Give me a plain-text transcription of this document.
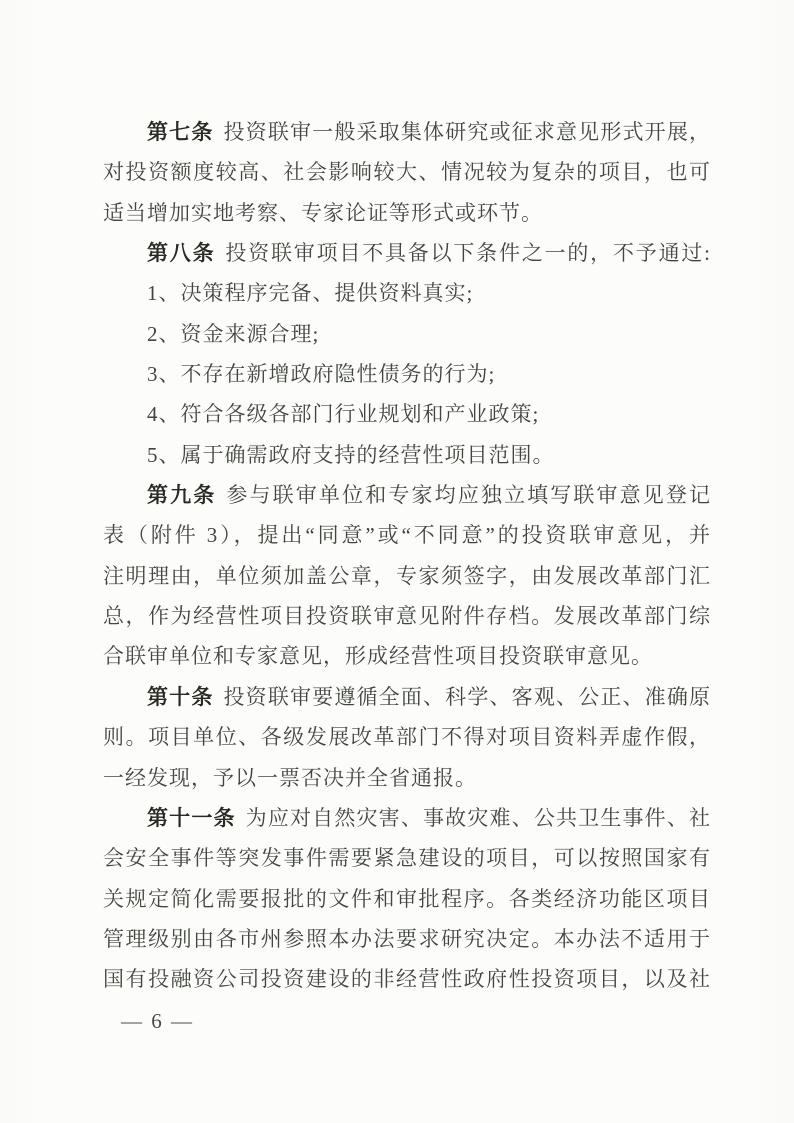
第七条 投资联审一般采取集体研究或征求意见形式开展，
对投资额度较高、社会影响较大、情况较为复杂的项目，也可
适当增加实地考察、专家论证等形式或环节。
第八条 投资联审项目不具备以下条件之一的，不予通过:
1、决策程序完备、提供资料真实;
2、资金来源合理;
3、不存在新增政府隐性债务的行为;
4、符合各级各部门行业规划和产业政策;
5、属于确需政府支持的经营性项目范围。
第九条 参与联审单位和专家均应独立填写联审意见登记
表（附件 3），提出“同意”或“不同意”的投资联审意见，并
注明理由，单位须加盖公章，专家须签字，由发展改革部门汇
总，作为经营性项目投资联审意见附件存档。发展改革部门综
合联审单位和专家意见，形成经营性项目投资联审意见。
第十条 投资联审要遵循全面、科学、客观、公正、准确原
则。项目单位、各级发展改革部门不得对项目资料弄虚作假，
一经发现，予以一票否决并全省通报。
第十一条 为应对自然灾害、事故灾难、公共卫生事件、社
会安全事件等突发事件需要紧急建设的项目，可以按照国家有
关规定简化需要报批的文件和审批程序。各类经济功能区项目
管理级别由各市州参照本办法要求研究决定。本办法不适用于
国有投融资公司投资建设的非经营性政府性投资项目，以及社
— 6 —
